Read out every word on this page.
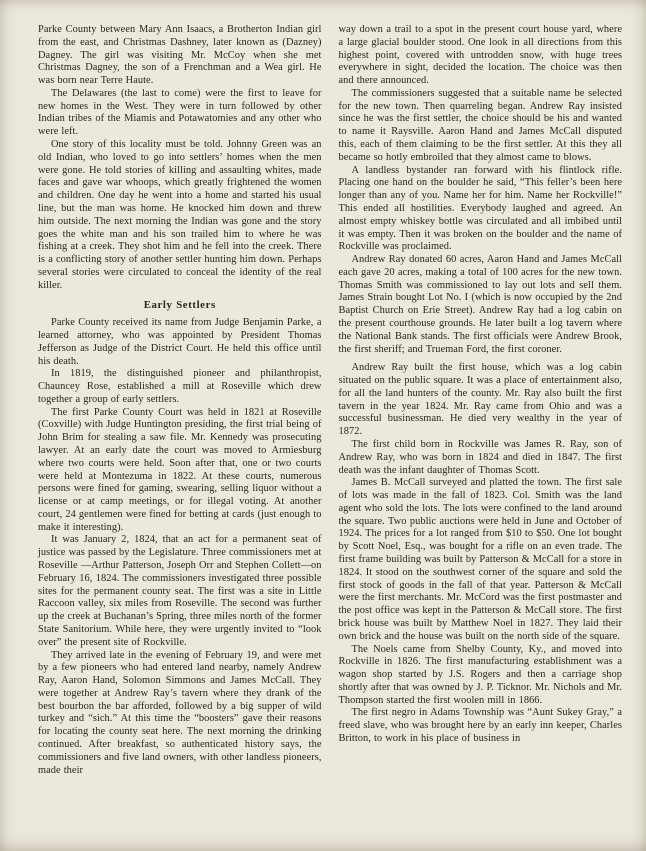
Parke County between Mary Ann Isaacs, a Brotherton Indian girl from the east, and Christmas Dashney, later known as (Dazney) Dagney. The girl was visiting Mr. McCoy when she met Christmas Dagney, the son of a Frenchman and a Wea girl. He was born near Terre Haute.

The Delawares (the last to come) were the first to leave for new homes in the West. They were in turn followed by other Indian tribes of the Miamis and Potawatomies and any other who were left.

One story of this locality must be told. Johnny Green was an old Indian, who loved to go into settlers’ homes when the men were gone. He told stories of killing and assaulting whites, made faces and gave war whoops, which greatly frightened the women and children. One day he went into a home and started his usual line, but the man was home. He knocked him down and threw him outside. The next morning the Indian was gone and the story goes the white man and his son trailed him to where he was fishing at a creek. They shot him and he fell into the creek. There is a conflicting story of another settler hunting him down. Perhaps several stories were circulated to conceal the identity of the real killer.

Early Settlers

Parke County received its name from Judge Benjamin Parke, a learned attorney, who was appointed by President Thomas Jefferson as Judge of the District Court. He held this office until his death.

In 1819, the distinguished pioneer and philanthropist, Chauncey Rose, established a mill at Roseville which drew together a group of early settlers.

The first Parke County Court was held in 1821 at Roseville (Coxville) with Judge Huntington presiding, the first trial being of John Brim for stealing a saw file. Mr. Kennedy was prosecuting lawyer. At an early date the court was moved to Armiesburg where two courts were held. Soon after that, one or two courts were held at Montezuma in 1822. At these courts, numerous persons were fined for gaming, swearing, selling liquor without a license or at camp meetings, or for illegal voting. At another court, 24 gentlemen were fined for betting at cards (just enough to make it interesting).

It was January 2, 1824, that an act for a permanent seat of justice was passed by the Legislature. Three commissioners met at Roseville —Arthur Patterson, Joseph Orr and Stephen Collett—on February 16, 1824. The commissioners investigated three possible sites for the permanent county seat. The first was a site in Little Raccoon valley, six miles from Roseville. The second was further up the creek at Buchanan’s Spring, three miles north of the former State Sanitorium. While here, they were urgently invited to “look over” the present site of Rockville.

They arrived late in the evening of February 19, and were met by a few pioneers who had entered land nearby, namely Andrew Ray, Aaron Hand, Solomon Simmons and James McCall. They were together at Andrew Ray’s tavern where they drank of the best bourbon the bar afforded, followed by a big supper of wild turkey and “sich.” At this time the “boosters” gave their reasons for locating the county seat here. The next morning the drinking continued. After breakfast, so authenticated history says, the commissioners and five land owners, with other landless pioneers, made their

way down a trail to a spot in the present court house yard, where a large glacial boulder stood. One look in all directions from this highest point, covered with untrodden snow, with huge trees everywhere in sight, decided the location. The choice was then and there announced.

The commissioners suggested that a suitable name be selected for the new town. Then quarreling began. Andrew Ray insisted since he was the first settler, the choice should be his and wanted to name it Raysville. Aaron Hand and James McCall disputed this, each of them claiming to be the first settler. At this they all became so hotly embroiled that they almost came to blows.

A landless bystander ran forward with his flintlock rifle. Placing one hand on the boulder he said, “This feller’s been here longer than any of you. Name her for him. Name her Rockville!” This ended all hostilities. Everybody laughed and agreed. An almost empty whiskey bottle was circulated and all imbibed until it was empty. Then it was broken on the boulder and the name of Rockville was proclaimed.

Andrew Ray donated 60 acres, Aaron Hand and James McCall each gave 20 acres, making a total of 100 acres for the new town. Thomas Smith was commissioned to lay out lots and sell them. James Strain bought Lot No. I (which is now occupied by the 2nd Baptist Church on Erie Street). Andrew Ray had a log cabin on the present courthouse grounds. He later built a log tavern where the National Bank stands. The first officials were Andrew Brook, the first sheriff; and Trueman Ford, the first coroner.

Andrew Ray built the first house, which was a log cabin situated on the public square. It was a place of entertainment also, for all the land hunters of the county. Mr. Ray also built the first tavern in the year 1824. Mr. Ray came from Ohio and was a successful businessman. He died very wealthy in the year of 1872.

The first child born in Rockville was James R. Ray, son of Andrew Ray, who was born in 1824 and died in 1847. The first death was the infant daughter of Thomas Scott.

James B. McCall surveyed and platted the town. The first sale of lots was made in the fall of 1823. Col. Smith was the land agent who sold the lots. The lots were confined to the land around the square. Two public auctions were held in June and October of 1924. The prices for a lot ranged from $10 to $50. One lot bought by Scott Noel, Esq., was bought for a rifle on an even trade. The first frame building was built by Patterson & McCall for a store in 1824. It stood on the southwest corner of the square and sold the first stock of goods in the fall of that year. Patterson & McCall were the first merchants. Mr. McCord was the first postmaster and the post office was kept in the Patterson & McCall store. The first brick house was built by Matthew Noel in 1827. They laid their own brick and the house was built on the north side of the square.

The Noels came from Shelby County, Ky., and moved into Rockville in 1826. The first manufacturing establishment was a wagon shop started by J.S. Rogers and then a carriage shop shortly after that was owned by J. P. Ticknor. Mr. Nichols and Mr. Thompson started the first woolen mill in 1866.

The first negro in Adams Township was “Aunt Sukey Gray,” a freed slave, who was brought here by an early inn keeper, Charles Britton, to work in his place of business in
